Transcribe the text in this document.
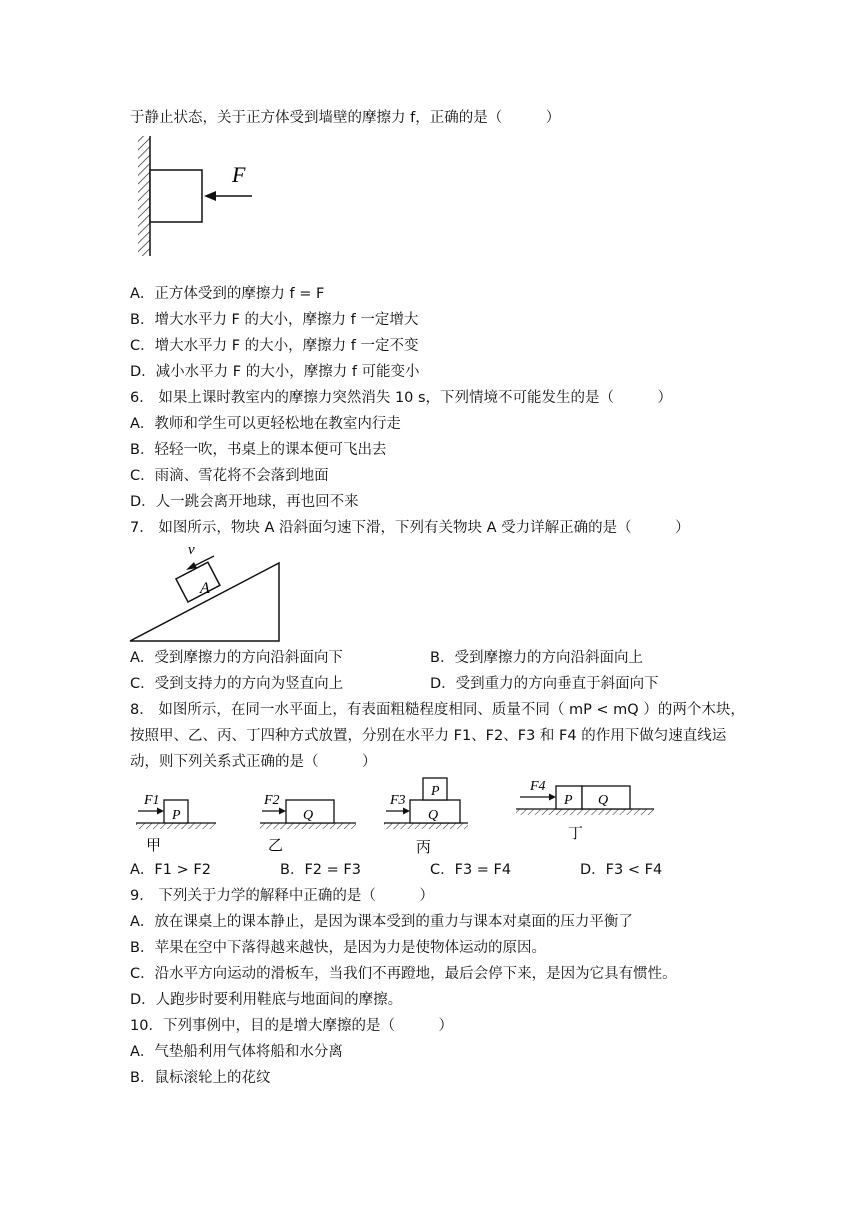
于静止状态，关于正方体受到墙壁的摩擦力 f，正确的是（　　　）
F
A．正方体受到的摩擦力 f = F
B．增大水平力 F 的大小，摩擦力 f 一定增大
C．增大水平力 F 的大小，摩擦力 f 一定不变
D．减小水平力 F 的大小，摩擦力 f 可能变小
6． 如果上课时教室内的摩擦力突然消失 10 s，下列情境不可能发生的是（　　　）
A．教师和学生可以更轻松地在教室内行走
B．轻轻一吹，书桌上的课本便可飞出去
C．雨滴、雪花将不会落到地面
D．人一跳会离开地球，再也回不来
7． 如图所示，物块 A 沿斜面匀速下滑，下列有关物块 A 受力详解正确的是（　　　）
A
v
A．受到摩擦力的方向沿斜面向下	B．受到摩擦力的方向沿斜面向上
C．受到支持力的方向为竖直向上	D．受到重力的方向垂直于斜面向下
8． 如图所示，在同一水平面上，有表面粗糙程度相同、质量不同（ mP < mQ ）的两个木块，
按照甲、乙、丙、丁四种方式放置，分别在水平力 F1、F2、F3 和 F4 的作用下做匀速直线运
动，则下列关系式正确的是（　　　）
F1
P
甲
F2
Q
乙
F3
P
Q
丙
F4
P Q
丁
A．F1 > F2	B．F2 = F3	C．F3 = F4	D．F3 < F4
9． 下列关于力学的解释中正确的是（　　　）
A．放在课桌上的课本静止，是因为课本受到的重力与课本对桌面的压力平衡了
B．苹果在空中下落得越来越快，是因为力是使物体运动的原因。
C．沿水平方向运动的滑板车，当我们不再蹬地，最后会停下来，是因为它具有惯性。
D．人跑步时要利用鞋底与地面间的摩擦。
10．下列事例中，目的是增大摩擦的是（　　　）
A．气垫船利用气体将船和水分离
B．鼠标滚轮上的花纹
